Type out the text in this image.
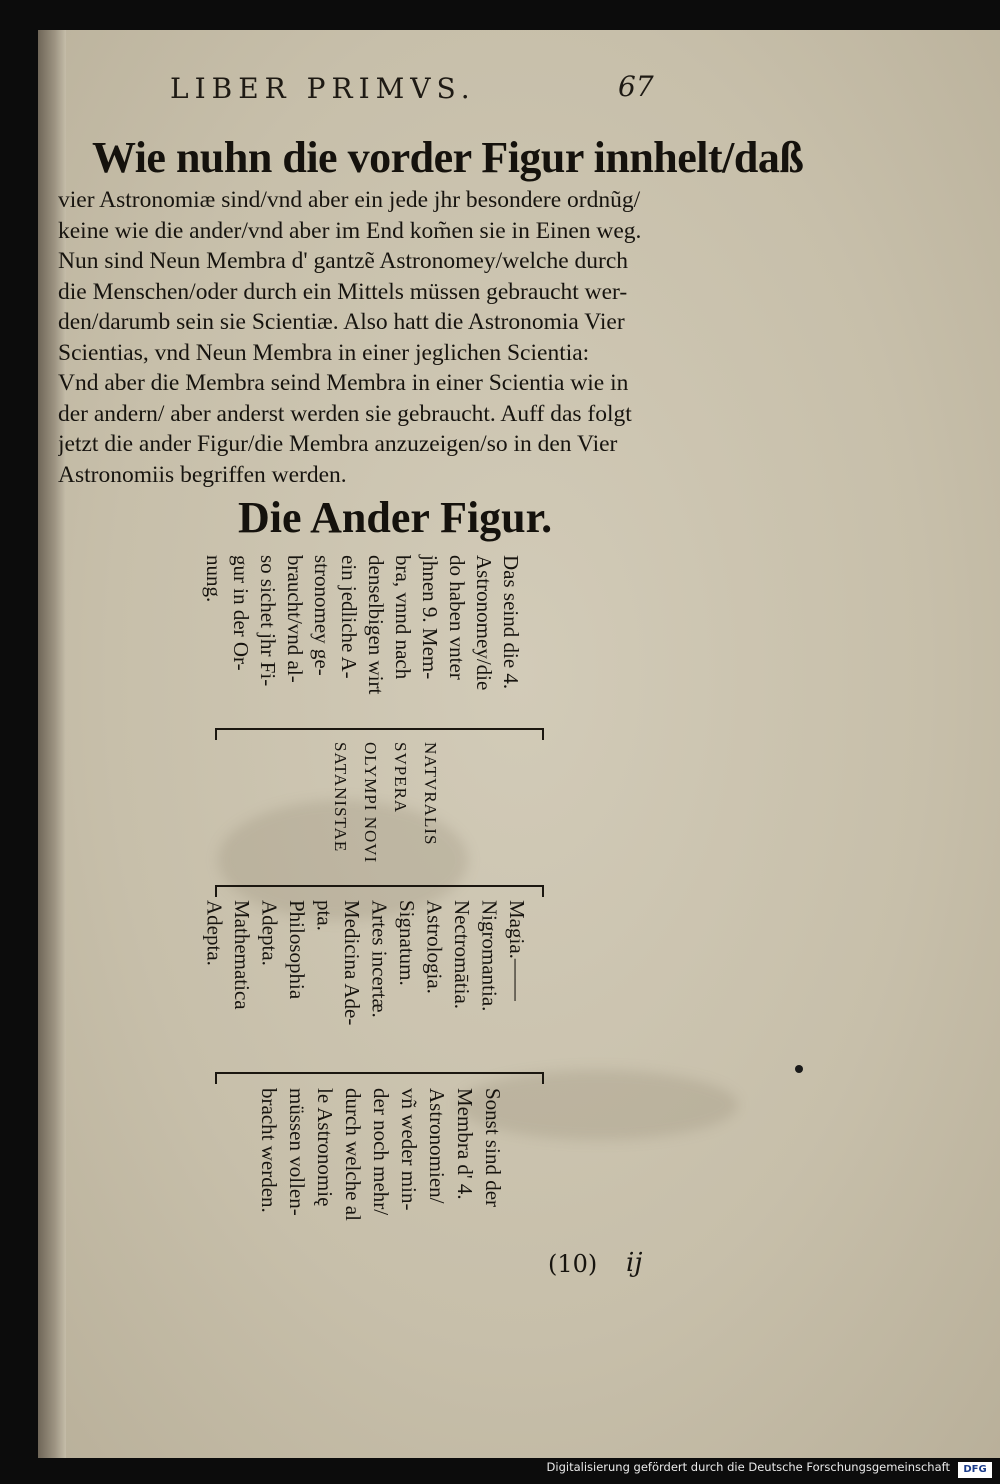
LIBER PRIMVS.	67
Wie nuhn die vorder Figur innhelt/daß
vier Astronomiæ sind/vnd aber ein jede jhr besondere ordnũg/
keine wie die ander/vnd aber im End kom̃en sie in Einen weg.
Nun sind Neun Membra d' gantzẽ Astronomey/welche durch
die Menschen/oder durch ein Mittels müssen gebraucht wer-
den/darumb sein sie Scientiæ. Also hatt die Astronomia Vier
Scientias, vnd Neun Membra in einer jeglichen Scientia:
Vnd aber die Membra seind Membra in einer Scientia wie in
der andern/ aber anderst werden sie gebraucht. Auff das folgt
jetzt die ander Figur/die Membra anzuzeigen/so in den Vier
Astronomiis begriffen werden.
Die Ander Figur.
Das seind die 4.
Astronomey/die
do haben vnter
jhnen 9. Mem-
bra, vnnd nach
denselbigen wirt
ein jedliche A-
stronomey ge-
braucht/vnd al-
so sichet jhr Fi-
gur in der Or-
nung.
NATVRALIS
SVPERA
OLYMPI NOVI
SATANISTAE
Magia.——
Nigromantia.
Nectromātia.
Astrologia.
Signatum.
Artes incertæ.
Medicina Ade-
pta.
Philosophia
Adepta.
Mathematica
Adepta.
Sonst sind der
Membra d' 4.
Astronomien/
vñ weder min-
der noch mehr/
durch welche al
le Astronomię
müssen vollen-
bracht werden.
(10) ij
Digitalisierung gefördert durch die Deutsche Forschungsgemeinschaft	DFG
